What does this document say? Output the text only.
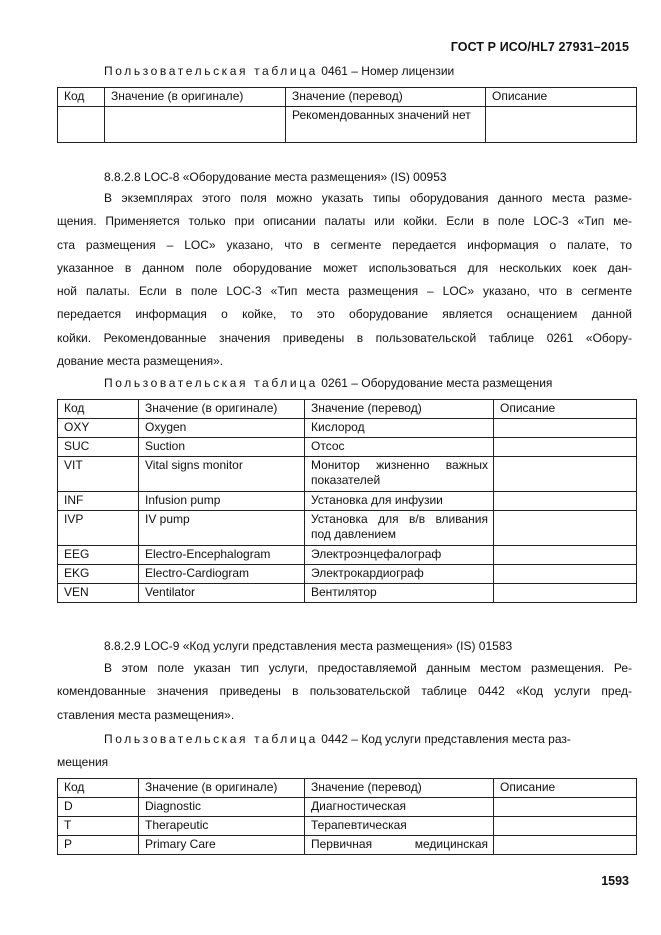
ГОСТ Р ИСО/HL7 27931–2015
Пользовательская таблица 0461 – Номер лицензии
Код	Значение (в оригинале)	Значение (перевод)	Описание
		Рекомендованных значений нет	
8.8.2.8 LOC-8 «Оборудование места размещения» (IS) 00953
В экземплярах этого поля можно указать типы оборудования данного места разме-
щения. Применяется только при описании палаты или койки. Если в поле LOC-3 «Тип ме-
ста размещения – LOC» указано, что в сегменте передается информация о палате, то
указанное в данном поле оборудование может использоваться для нескольких коек дан-
ной палаты. Если в поле LOC-3 «Тип места размещения – LOC» указано, что в сегменте
передается информация о койке, то это оборудование является оснащением данной
койки. Рекомендованные значения приведены в пользовательской таблице 0261 «Обору-
дование места размещения».
Пользовательская таблица 0261 – Оборудование места размещения
Код	Значение (в оригинале)	Значение (перевод)	Описание
OXY	Oxygen	Кислород	
SUC	Suction	Отсос	
VIT	Vital signs monitor	Монитор жизненно важных показателей	
INF	Infusion pump	Установка для инфузии	
IVP	IV pump	Установка для в/в вливания под давлением	
EEG	Electro-Encephalogram	Электроэнцефалограф	
EKG	Electro-Cardiogram	Электрокардиограф	
VEN	Ventilator	Вентилятор	
8.8.2.9 LOC-9 «Код услуги представления места размещения» (IS) 01583
В этом поле указан тип услуги, предоставляемой данным местом размещения. Ре-
комендованные значения приведены в пользовательской таблице 0442 «Код услуги пред-
ставления места размещения».
Пользовательская таблица 0442 – Код услуги представления места раз-
мещения
Код	Значение (в оригинале)	Значение (перевод)	Описание
D	Diagnostic	Диагностическая	
T	Therapeutic	Терапевтическая	
P	Primary Care	Первичная медицинская	
1593
